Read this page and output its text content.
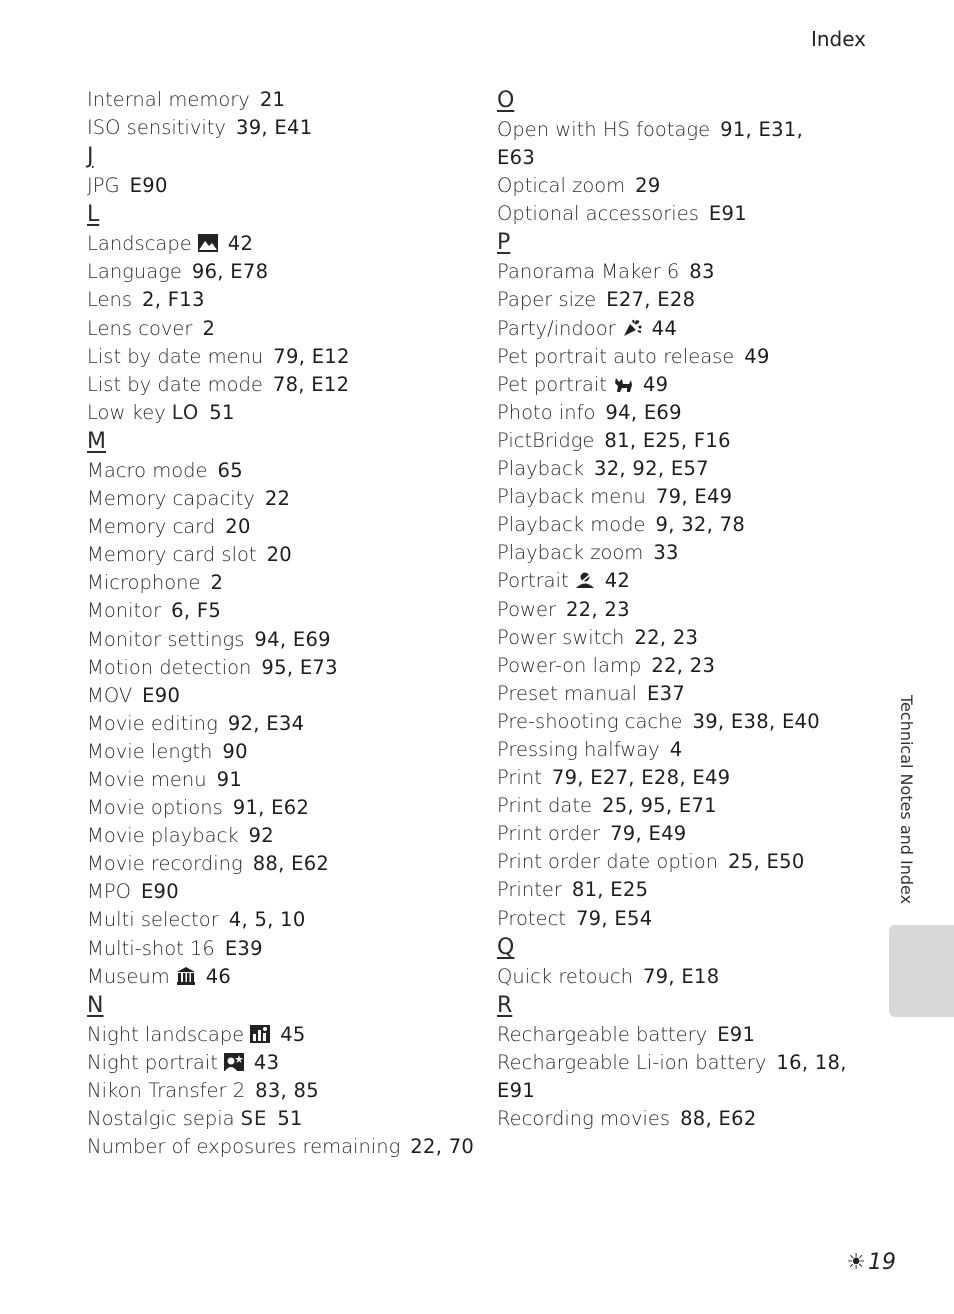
Index
Internal memory 21
ISO sensitivity 39, E41
J
JPG E90
L
Landscape 42
Language 96, E78
Lens 2, F13
Lens cover 2
List by date menu 79, E12
List by date mode 78, E12
Low key LO 51
M
Macro mode 65
Memory capacity 22
Memory card 20
Memory card slot 20
Microphone 2
Monitor 6, F5
Monitor settings 94, E69
Motion detection 95, E73
MOV E90
Movie editing 92, E34
Movie length 90
Movie menu 91
Movie options 91, E62
Movie playback 92
Movie recording 88, E62
MPO E90
Multi selector 4, 5, 10
Multi-shot 16 E39
Museum 46
N
Night landscape 45
Night portrait 43
Nikon Transfer 2 83, 85
Nostalgic sepia SE 51
Number of exposures remaining 22, 70
O
Open with HS footage 91, E31,
E63
Optical zoom 29
Optional accessories E91
P
Panorama Maker 6 83
Paper size E27, E28
Party/indoor 44
Pet portrait auto release 49
Pet portrait 49
Photo info 94, E69
PictBridge 81, E25, F16
Playback 32, 92, E57
Playback menu 79, E49
Playback mode 9, 32, 78
Playback zoom 33
Portrait 42
Power 22, 23
Power switch 22, 23
Power-on lamp 22, 23
Preset manual E37
Pre-shooting cache 39, E38, E40
Pressing halfway 4
Print 79, E27, E28, E49
Print date 25, 95, E71
Print order 79, E49
Print order date option 25, E50
Printer 81, E25
Protect 79, E54
Q
Quick retouch 79, E18
R
Rechargeable battery E91
Rechargeable Li-ion battery 16, 18,
E91
Recording movies 88, E62
Technical Notes and Index
☀19
